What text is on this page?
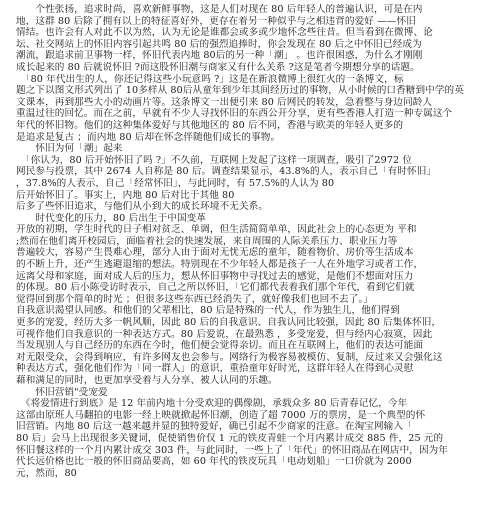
　　个性张扬，追求时尚，喜欢新鲜事物，这是人们对现在 80 后年轻人的普遍认识，可是在内
地，这群 80 后除了拥有以上的特征喜好外，更存在着另一种似乎与之相违背的爱好 ——怀旧
情结。也许会有人对此不以为然，认为无论是谁都会或多或少地怀念些往昔。但当看到在微博、论
坛、社交网站上的怀旧内容引起共鸣 80 后的强烈追捧时，你会发现在 80 后之中怀旧已经成为
潮流，跟追求前卫事物一样，怀旧代表内地 80后的另一种「潮」 。也许很困惑，为什么才刚刚
成长起来的 80 后就说怀旧 ?而这股怀旧潮与商家又有什么关系 ?这是笔者今期想分享的话题。
　「80 年代出生的人，你还记得这些小玩意吗 ?」这是在新浪微博上很红火的一条博文，标
题之下以图文形式列出了 10多样从 80后从童年到少年其间经历过的事物，从小时候的口香糖到中学的英
文课本，再到那些大小的动画片等。这条博文一出便引来 80 后网民的转发，急着整与身边同龄人
重温过往的回忆。而在之前，早就有不少人寻找怀旧的东西公开分享，更有些香港人打造一种专属这个
年代的怀旧物。他们的这种集体爱好与其他地区的 80 后不同，香港与欧美的年轻人更多的
是追求是复古 ；而内地 80 后却在怀念伴随他们成长的事物。
　　怀旧为何「潮」起来
　「你认为，80 后开始怀旧了吗 ?」不久前，互联网上发起了这样一项调查，吸引了2972 位
网民参与投票，其中 2674 人自称是 80 后。调查结果显示，43.8%的人，表示自己「有时怀旧」
，37.8%的人表示，自己「经常怀旧」，与此同时，有 57.5%的人认为 80
后开始怀旧了。事实上，内地 80 后对比于其他 80
后多了些怀旧追求，与他们从小到大的成长环境不无关系。
　　时代变化的压力，80 后出生于中国变革
开放的初期，学生时代的日子相对贫乏、单调，但生活简简单单，因此社会上的心态更为 平和
;然而在他们离开校园后，面临着社会的快速发展，来自周围的人际关系压力、职业压力等
普遍较大，容易产生畏难心理，部分人由于面对无忧无虑的童年，随着物价、房价等生活成本
的不断上升，还产生逃避退缩的想法。特别现在不少年轻人都是孩子一人在外地学习或者工作，
远离父母和家庭，面对成人后的压力，想从怀旧事物中寻找过去的感觉，是他们不想面对压力
的体现。80 后小陈受访时表示，自己之所以怀旧，「它们都代表着我们那个年代，看到它们就
觉得回到那个简单的时光 ；但很多这些东西已经消失了，就好像我们也回不去了。」
自我意识渴望认同感。和他们的父辈相比，80 后是特殊的一代人，作为独生儿，他们得到
更多的宠爱，经历大多一帆风顺，因此 80 后的自我意识、自我认同比较强，因此 80 后集体怀旧，
可视作他们自我意识的一种表达方式。80 后爱说，在最熟悉 ，多受宠爱，但与经内心寂寞，因此
当发现别人与自己经历的东西在今时，他们便会觉得亲切。而且在互联网上，他们的表达可能面
对无限受众，会得到响应，有许多网友也会参与。网络行为极容易被模仿、复制，反过来又会强化这
种表达方式，强化他们作为「同一群人」的意识，重拾童年好时光，这群年轻人在得到心灵慰
藉和满足的同时，也更加享受着与人分享、被人认同的乐趣。
　　怀旧营销"受宠爱
　《将爱情进行到底》是 12 年前内地十分受欢迎的偶像剧，承载众多 80 后青春记忆，今年
这部由原班人马翻拍的电影一经上映就掀起怀旧潮，创造了超 7000 万的票房，是一个典型的怀
旧营销。内地 80 后这一越来越并显的独特爱好，确已引起不少商家的注意。在淘宝网输入「
80 后」会马上出现很多关键词，促使销售价仅 1 元的铁皮青蛙一个月内累计成交 885 件，25 元的
怀旧餐这样的一个月内累计成交 303 件，与此同时，一些上了「年代」的怀旧商品在网店中，因为年
代长远价格也比一般的怀旧商品要高，如 60 年代的铁皮玩具「电动划船」一口价就为 2000
元，然而，80
